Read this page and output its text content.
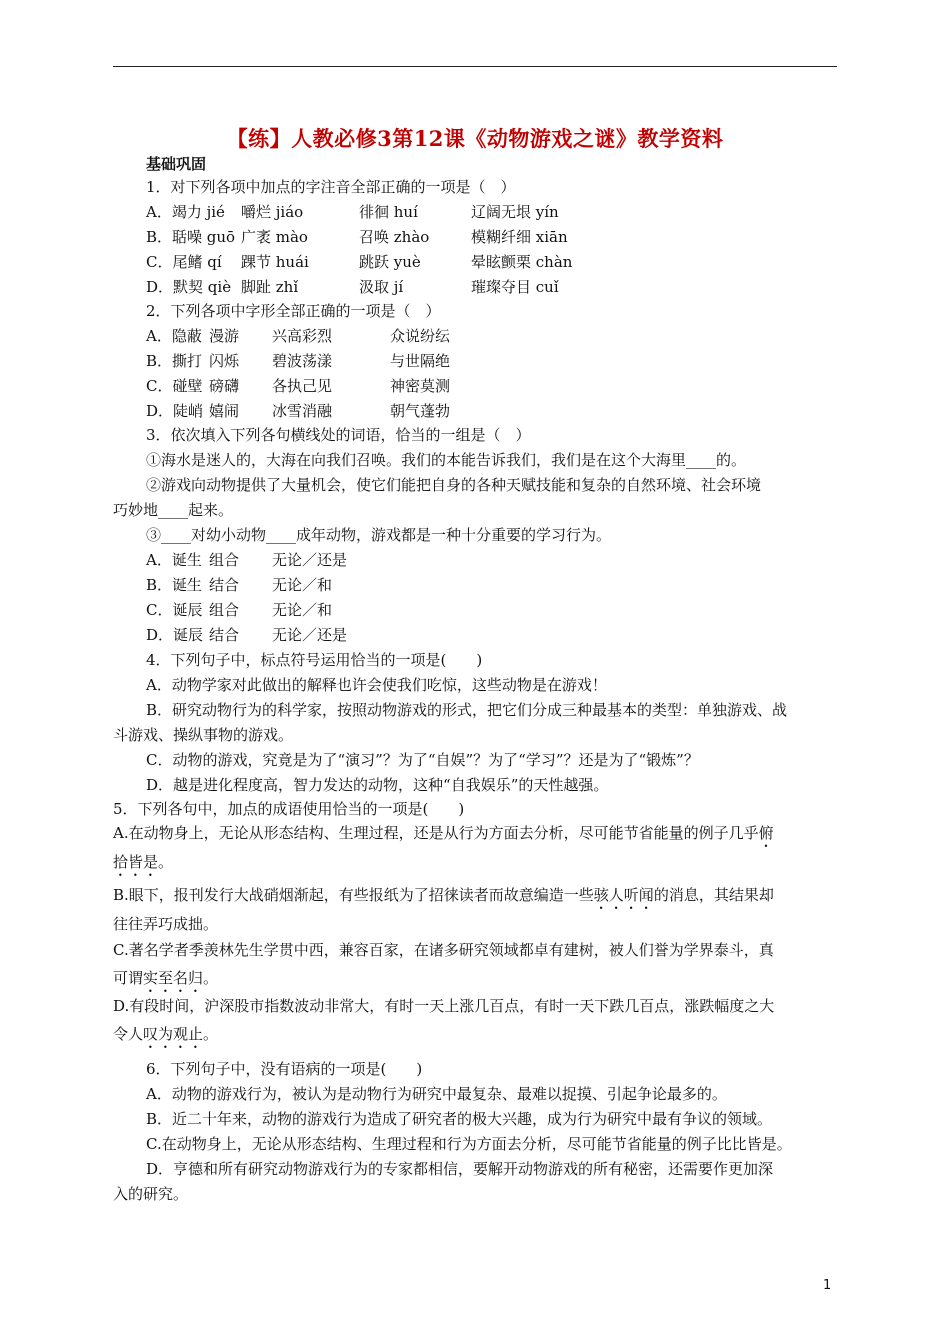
【练】人教必修3第12课《动物游戏之谜》教学资料
基础巩固
1．对下列各项中加点的字注音全部正确的一项是（　）
A．竭力 jié 嚼烂 jiáo	徘徊 huí	辽阔无垠 yín
B．聒噪 guō 广袤 mào	召唤 zhào	模糊纤细 xiān
C．尾鳍 qí 踝节 huái	跳跃 yuè	晕眩颤栗 chàn
D．默契 qiè 脚趾 zhǐ	汲取 jí	璀璨夺目 cuǐ
2．下列各项中字形全部正确的一项是（　）
A．隐蔽 漫游 兴高彩烈	众说纷纭
B．撕打 闪烁 碧波荡漾	与世隔绝
C．碰壁 磅礴 各执己见	神密莫测
D．陡峭 嬉闹 冰雪消融	朝气蓬勃
3．依次填入下列各句横线处的词语，恰当的一组是（　）
①海水是迷人的，大海在向我们召唤。我们的本能告诉我们，我们是在这个大海里____的。
②游戏向动物提供了大量机会，使它们能把自身的各种天赋技能和复杂的自然环境、社会环境
巧妙地____起来。
③____对幼小动物____成年动物，游戏都是一种十分重要的学习行为。
A．诞生 组合 无论／还是
B．诞生 结合 无论／和
C．诞辰 组合 无论／和
D．诞辰 结合 无论／还是
4．下列句子中，标点符号运用恰当的一项是(　　)
A．动物学家对此做出的解释也许会使我们吃惊，这些动物是在游戏！
B．研究动物行为的科学家，按照动物游戏的形式，把它们分成三种最基本的类型：单独游戏、战
斗游戏、操纵事物的游戏。
C．动物的游戏，究竟是为了“演习”？为了“自娱”？为了“学习”？还是为了“锻炼”？
D．越是进化程度高，智力发达的动物，这种“自我娱乐”的天性越强。
5．下列各句中，加点的成语使用恰当的一项是(　　)
A.在动物身上，无论从形态结构、生理过程，还是从行为方面去分析，尽可能节省能量的例子几乎俯
拾皆是。
B.眼下，报刊发行大战硝烟渐起，有些报纸为了招徕读者而故意编造一些骇人听闻的消息，其结果却
往往弄巧成拙。
C.著名学者季羡林先生学贯中西，兼容百家，在诸多研究领域都卓有建树，被人们誉为学界泰斗，真
可谓实至名归。
D.有段时间，沪深股市指数波动非常大，有时一天上涨几百点，有时一天下跌几百点，涨跌幅度之大
令人叹为观止。
6．下列句子中，没有语病的一项是(　　)
A．动物的游戏行为，被认为是动物行为研究中最复杂、最难以捉摸、引起争论最多的。
B．近二十年来，动物的游戏行为造成了研究者的极大兴趣，成为行为研究中最有争议的领域。
C.在动物身上，无论从形态结构、生理过程和行为方面去分析，尽可能节省能量的例子比比皆是。
D．亨德和所有研究动物游戏行为的专家都相信，要解开动物游戏的所有秘密，还需要作更加深
入的研究。
1
